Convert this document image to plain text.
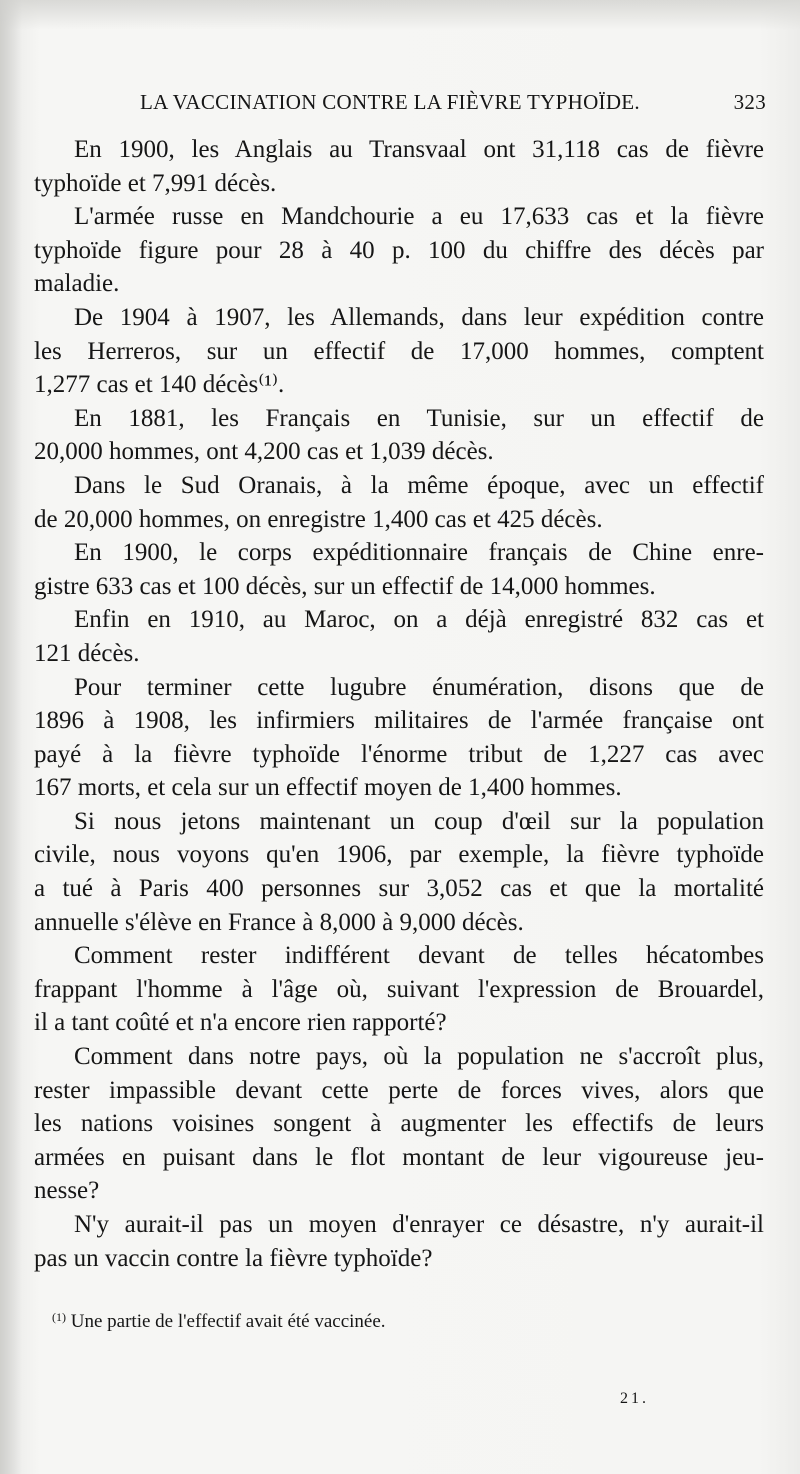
LA VACCINATION CONTRE LA FIÈVRE TYPHOÏDE.	323
En 1900, les Anglais au Transvaal ont 31,118 cas de fièvre
typhoïde et 7,991 décès.
L'armée russe en Mandchourie a eu 17,633 cas et la fièvre
typhoïde figure pour 28 à 40 p. 100 du chiffre des décès par
maladie.
De 1904 à 1907, les Allemands, dans leur expédition contre
les Herreros, sur un effectif de 17,000 hommes, comptent
1,277 cas et 140 décès⁽¹⁾.
En 1881, les Français en Tunisie, sur un effectif de
20,000 hommes, ont 4,200 cas et 1,039 décès.
Dans le Sud Oranais, à la même époque, avec un effectif
de 20,000 hommes, on enregistre 1,400 cas et 425 décès.
En 1900, le corps expéditionnaire français de Chine enre-
gistre 633 cas et 100 décès, sur un effectif de 14,000 hommes.
Enfin en 1910, au Maroc, on a déjà enregistré 832 cas et
121 décès.
Pour terminer cette lugubre énumération, disons que de
1896 à 1908, les infirmiers militaires de l'armée française ont
payé à la fièvre typhoïde l'énorme tribut de 1,227 cas avec
167 morts, et cela sur un effectif moyen de 1,400 hommes.
Si nous jetons maintenant un coup d'œil sur la population
civile, nous voyons qu'en 1906, par exemple, la fièvre typhoïde
a tué à Paris 400 personnes sur 3,052 cas et que la mortalité
annuelle s'élève en France à 8,000 à 9,000 décès.
Comment rester indifférent devant de telles hécatombes
frappant l'homme à l'âge où, suivant l'expression de Brouardel,
il a tant coûté et n'a encore rien rapporté?
Comment dans notre pays, où la population ne s'accroît plus,
rester impassible devant cette perte de forces vives, alors que
les nations voisines songent à augmenter les effectifs de leurs
armées en puisant dans le flot montant de leur vigoureuse jeu-
nesse?
N'y aurait-il pas un moyen d'enrayer ce désastre, n'y aurait-il
pas un vaccin contre la fièvre typhoïde?
$^{(1)}$ Une partie de l'effectif avait été vaccinée.
21.
